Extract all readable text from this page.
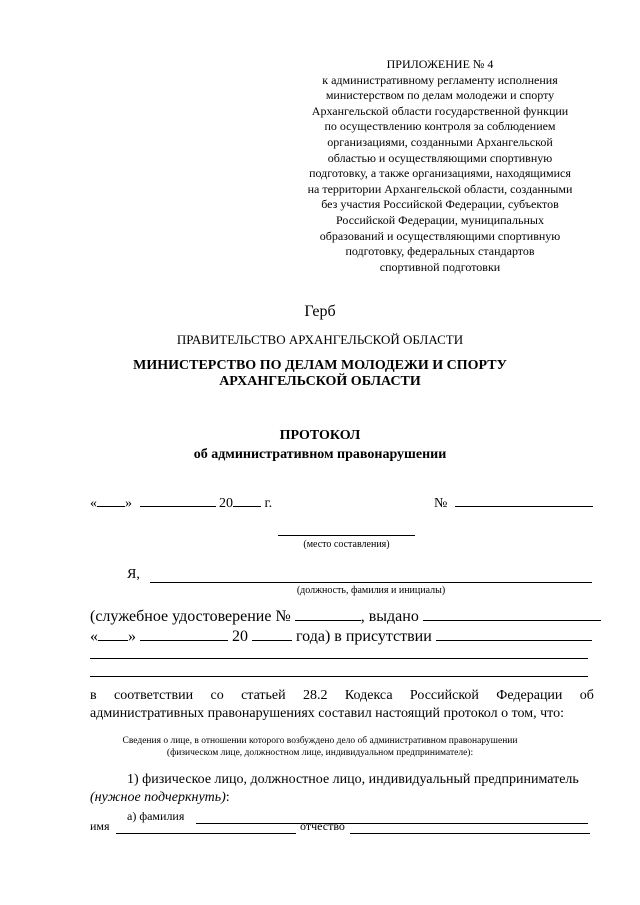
ПРИЛОЖЕНИЕ № 4
к административному регламенту исполнения
министерством по делам молодежи и спорту
Архангельской области государственной функции
по осуществлению контроля за соблюдением
организациями, созданными Архангельской
областью и осуществляющими спортивную
подготовку, а также организациями, находящимися
на территории Архангельской области, созданными
без участия Российской Федерации, субъектов
Российской Федерации, муниципальных
образований и осуществляющими спортивную
подготовку, федеральных стандартов
спортивной подготовки
Герб
ПРАВИТЕЛЬСТВО АРХАНГЕЛЬСКОЙ ОБЛАСТИ
МИНИСТЕРСТВО ПО ДЕЛАМ МОЛОДЕЖИ И СПОРТУ
АРХАНГЕЛЬСКОЙ ОБЛАСТИ
ПРОТОКОЛ
об административном правонарушении
« »	20 г.	№
(место составления)
Я,
(должность, фамилия и инициалы)
(служебное удостоверение №	, выдано
« »	20	года) в присутствии
в соответствии со статьей 28.2 Кодекса Российской Федерации об
административных правонарушениях составил настоящий протокол о том, что:
Сведения о лице, в отношении которого возбуждено дело об административном правонарушении
(физическом лице, должностном лице, индивидуальном предпринимателе):
1) физическое лицо, должностное лицо, индивидуальный предприниматель
(нужное подчеркнуть):
а) фамилия
имя	отчество
